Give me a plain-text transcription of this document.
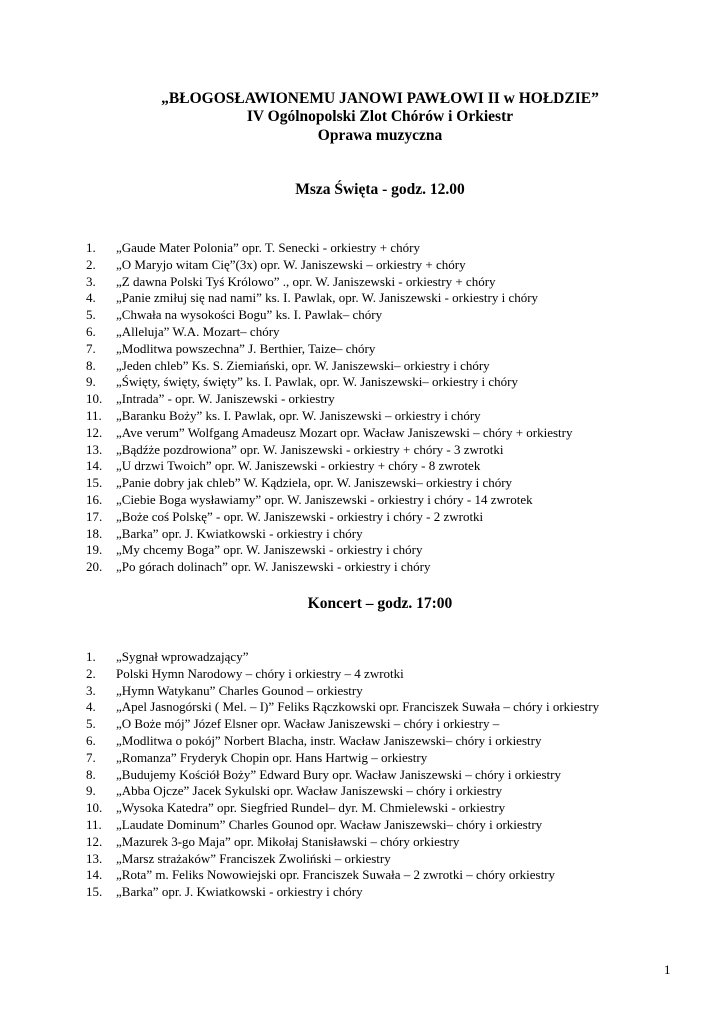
„BŁOGOSŁAWIONEMU JANOWI PAWŁOWI II w HOŁDZIE”
IV Ogólnopolski Zlot Chórów i Orkiestr
Oprawa muzyczna
Msza Święta - godz. 12.00
1.	„Gaude Mater Polonia” opr. T. Senecki - orkiestry + chóry
2.	„O Maryjo witam Cię”(3x) opr. W. Janiszewski – orkiestry + chóry
3.	„Z dawna Polski Tyś Królowo” ., opr. W. Janiszewski - orkiestry + chóry
4.	„Panie zmiłuj się nad nami” ks. I. Pawlak, opr. W. Janiszewski - orkiestry i chóry
5.	„Chwała na wysokości Bogu” ks. I. Pawlak– chóry
6.	„Alleluja” W.A. Mozart– chóry
7.	„Modlitwa powszechna” J. Berthier, Taize– chóry
8.	„Jeden chleb” Ks. S. Ziemiański, opr. W. Janiszewski– orkiestry i chóry
9.	„Święty, święty, święty” ks. I. Pawlak, opr. W. Janiszewski– orkiestry i chóry
10.	„Intrada” - opr. W. Janiszewski - orkiestry
11.	„Baranku Boży” ks. I. Pawlak, opr. W. Janiszewski – orkiestry i chóry
12.	„Ave verum” Wolfgang Amadeusz Mozart opr. Wacław Janiszewski – chóry + orkiestry
13.	„Bądźże pozdrowiona” opr. W. Janiszewski - orkiestry + chóry - 3 zwrotki
14.	„U drzwi Twoich” opr. W. Janiszewski - orkiestry + chóry - 8 zwrotek
15.	„Panie dobry jak chleb” W. Kądziela, opr. W. Janiszewski– orkiestry i chóry
16.	„Ciebie Boga wysławiamy” opr. W. Janiszewski - orkiestry i chóry - 14 zwrotek
17.	„Boże coś Polskę” - opr. W. Janiszewski - orkiestry i chóry - 2 zwrotki
18.	„Barka” opr. J. Kwiatkowski - orkiestry i chóry
19.	„My chcemy Boga” opr. W. Janiszewski - orkiestry i chóry
20.	„Po górach dolinach” opr. W. Janiszewski - orkiestry i chóry
Koncert – godz. 17:00
1.	„Sygnał wprowadzający”
2.	Polski Hymn Narodowy – chóry i orkiestry – 4 zwrotki
3.	„Hymn Watykanu” Charles Gounod – orkiestry
4.	„Apel Jasnogórski ( Mel. – I)” Feliks Rączkowski opr. Franciszek Suwała – chóry i orkiestry
5.	„O Boże mój” Józef Elsner opr. Wacław Janiszewski – chóry i orkiestry –
6.	„Modlitwa o pokój” Norbert Blacha, instr. Wacław Janiszewski– chóry i orkiestry
7.	„Romanza” Fryderyk Chopin opr. Hans Hartwig – orkiestry
8.	„Budujemy Kościół Boży” Edward Bury opr. Wacław Janiszewski – chóry i orkiestry
9.	„Abba Ojcze” Jacek Sykulski opr. Wacław Janiszewski – chóry i orkiestry
10.	„Wysoka Katedra” opr. Siegfried Rundel– dyr. M. Chmielewski - orkiestry
11.	„Laudate Dominum” Charles Gounod opr. Wacław Janiszewski– chóry i orkiestry
12.	„Mazurek 3-go Maja” opr. Mikołaj Stanisławski – chóry orkiestry
13.	„Marsz strażaków” Franciszek Zwoliński – orkiestry
14.	„Rota” m. Feliks Nowowiejski opr. Franciszek Suwała – 2 zwrotki – chóry orkiestry
15.	„Barka” opr. J. Kwiatkowski - orkiestry i chóry
1
